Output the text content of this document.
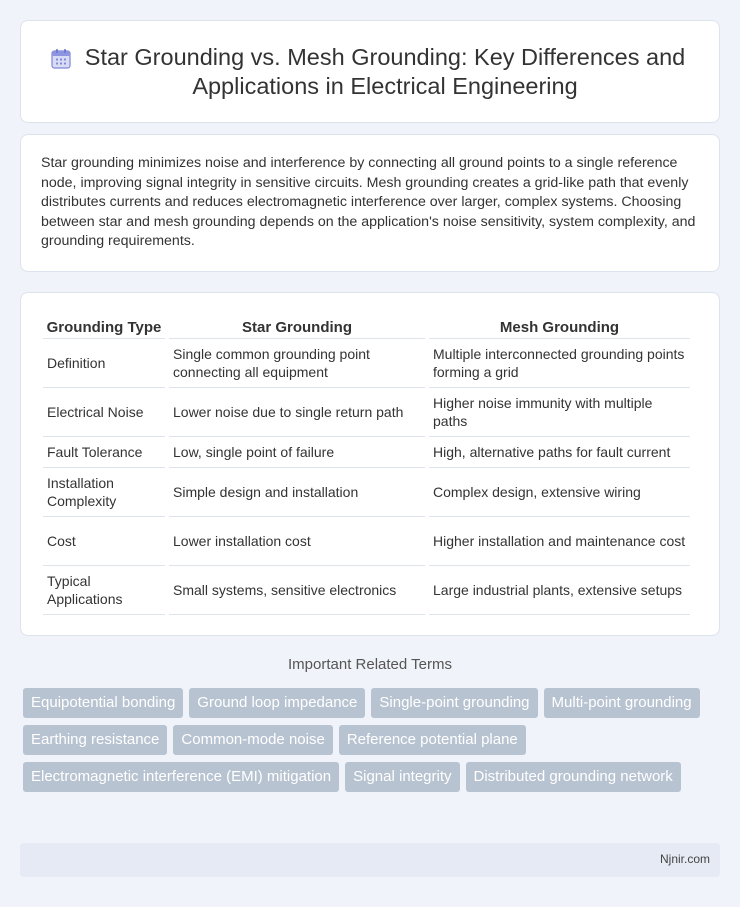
Star Grounding vs. Mesh Grounding: Key Differences and Applications in Electrical Engineering

Star grounding minimizes noise and interference by connecting all ground points to a single reference node, improving signal integrity in sensitive circuits. Mesh grounding creates a grid-like path that evenly distributes currents and reduces electromagnetic interference over larger, complex systems. Choosing between star and mesh grounding depends on the application's noise sensitivity, system complexity, and grounding requirements.

Grounding Type	Star Grounding	Mesh Grounding
Definition	Single common grounding point connecting all equipment	Multiple interconnected grounding points forming a grid
Electrical Noise	Lower noise due to single return path	Higher noise immunity with multiple paths
Fault Tolerance	Low, single point of failure	High, alternative paths for fault current
Installation Complexity	Simple design and installation	Complex design, extensive wiring
Cost	Lower installation cost	Higher installation and maintenance cost
Typical Applications	Small systems, sensitive electronics	Large industrial plants, extensive setups
Important Related Terms
Equipotential bonding	Ground loop impedance	Single-point grounding	Multi-point grounding
Earthing resistance	Common-mode noise	Reference potential plane
Electromagnetic interference (EMI) mitigation	Signal integrity	Distributed grounding network
Njnir.com
